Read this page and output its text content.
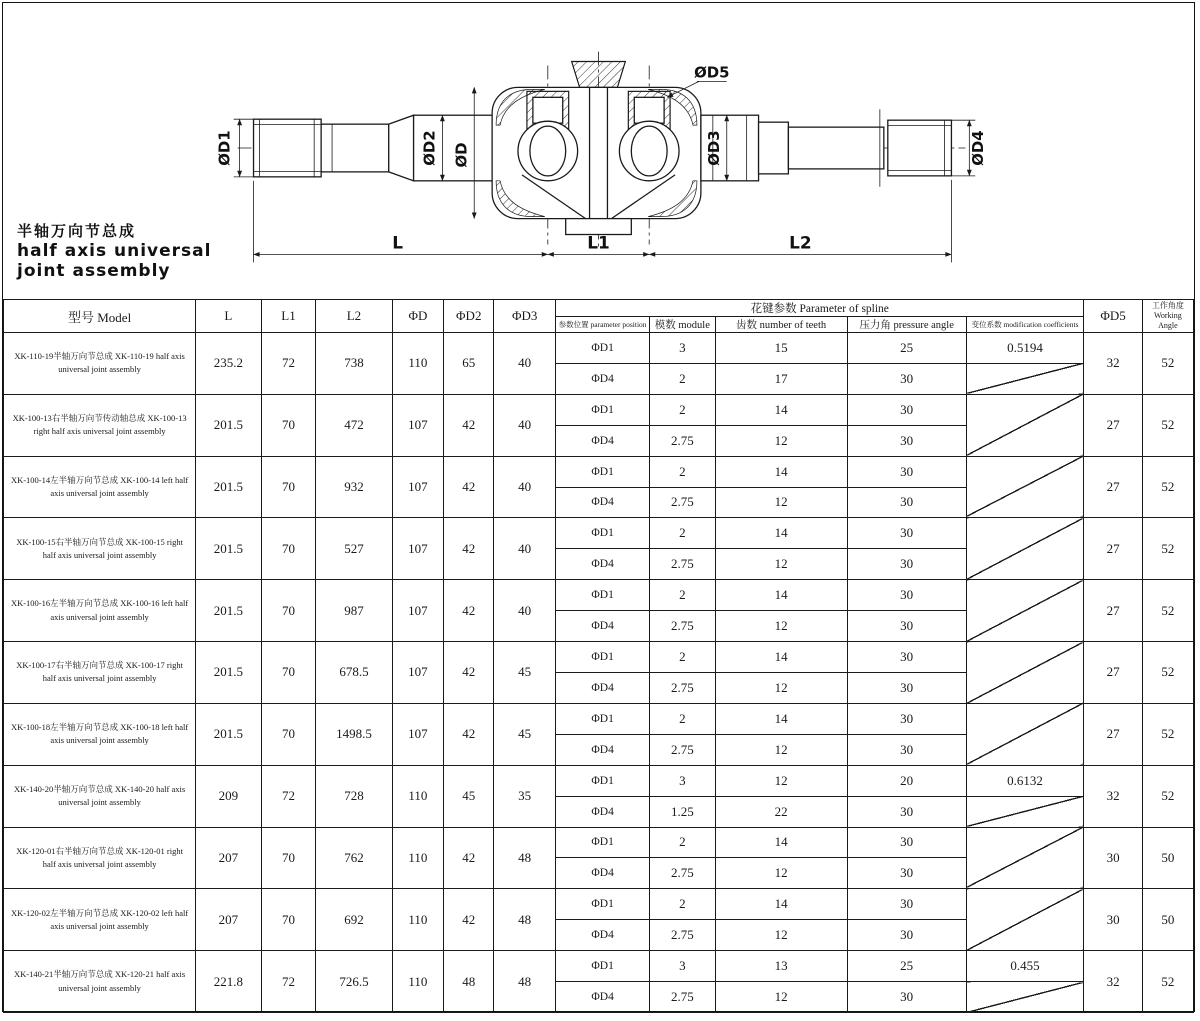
ØD1	ØD2 ØD	ØD3	ØD4
ØD5
L	L1	L2
半轴万向节总成
half axis universal
joint assembly
型号 Model	L	L1	L2	ΦD	ΦD2	ΦD3	花键参数 Parameter of spline					ΦD5	工作角度
Working Angle

							参数位置 parameter position	模数 module	齿数 number of teeth	压力角 pressure angle	变位系数 modification coefficients		
XK-110-19半轴万向节总成 XK-110-19 half axis universal joint assembly	235.2	72	738	110	65	40	ΦD1	3	15	25	0.5194	32	52
							ΦD4	2	17	30			
XK-100-13右半轴万向节传动轴总成 XK-100-13 right half axis universal joint assembly	201.5	70	472	107	42	40	ΦD1	2	14	30		27	52
							ΦD4	2.75	12	30			
XK-100-14左半轴万向节总成 XK-100-14 left half axis universal joint assembly	201.5	70	932	107	42	40	ΦD1	2	14	30		27	52
							ΦD4	2.75	12	30			
XK-100-15右半轴万向节总成 XK-100-15 right half axis universal joint assembly	201.5	70	527	107	42	40	ΦD1	2	14	30		27	52
							ΦD4	2.75	12	30			
XK-100-16左半轴万向节总成 XK-100-16 left half axis universal joint assembly	201.5	70	987	107	42	40	ΦD1	2	14	30		27	52
							ΦD4	2.75	12	30			
XK-100-17右半轴万向节总成 XK-100-17 right half axis universal joint assembly	201.5	70	678.5	107	42	45	ΦD1	2	14	30		27	52
							ΦD4	2.75	12	30			
XK-100-18左半轴万向节总成 XK-100-18 left half axis universal joint assembly	201.5	70	1498.5	107	42	45	ΦD1	2	14	30		27	52
							ΦD4	2.75	12	30			
XK-140-20半轴万向节总成 XK-140-20 half axis universal joint assembly	209	72	728	110	45	35	ΦD1	3	12	20	0.6132	32	52
							ΦD4	1.25	22	30			
XK-120-01右半轴万向节总成 XK-120-01 right half axis universal joint assembly	207	70	762	110	42	48	ΦD1	2	14	30		30	50
							ΦD4	2.75	12	30			
XK-120-02左半轴万向节总成 XK-120-02 left half axis universal joint assembly	207	70	692	110	42	48	ΦD1	2	14	30		30	50
							ΦD4	2.75	12	30			
XK-140-21半轴万向节总成 XK-120-21 half axis universal joint assembly	221.8	72	726.5	110	48	48	ΦD1	3	13	25	0.455	32	52
							ΦD4	2.75	12	30			
